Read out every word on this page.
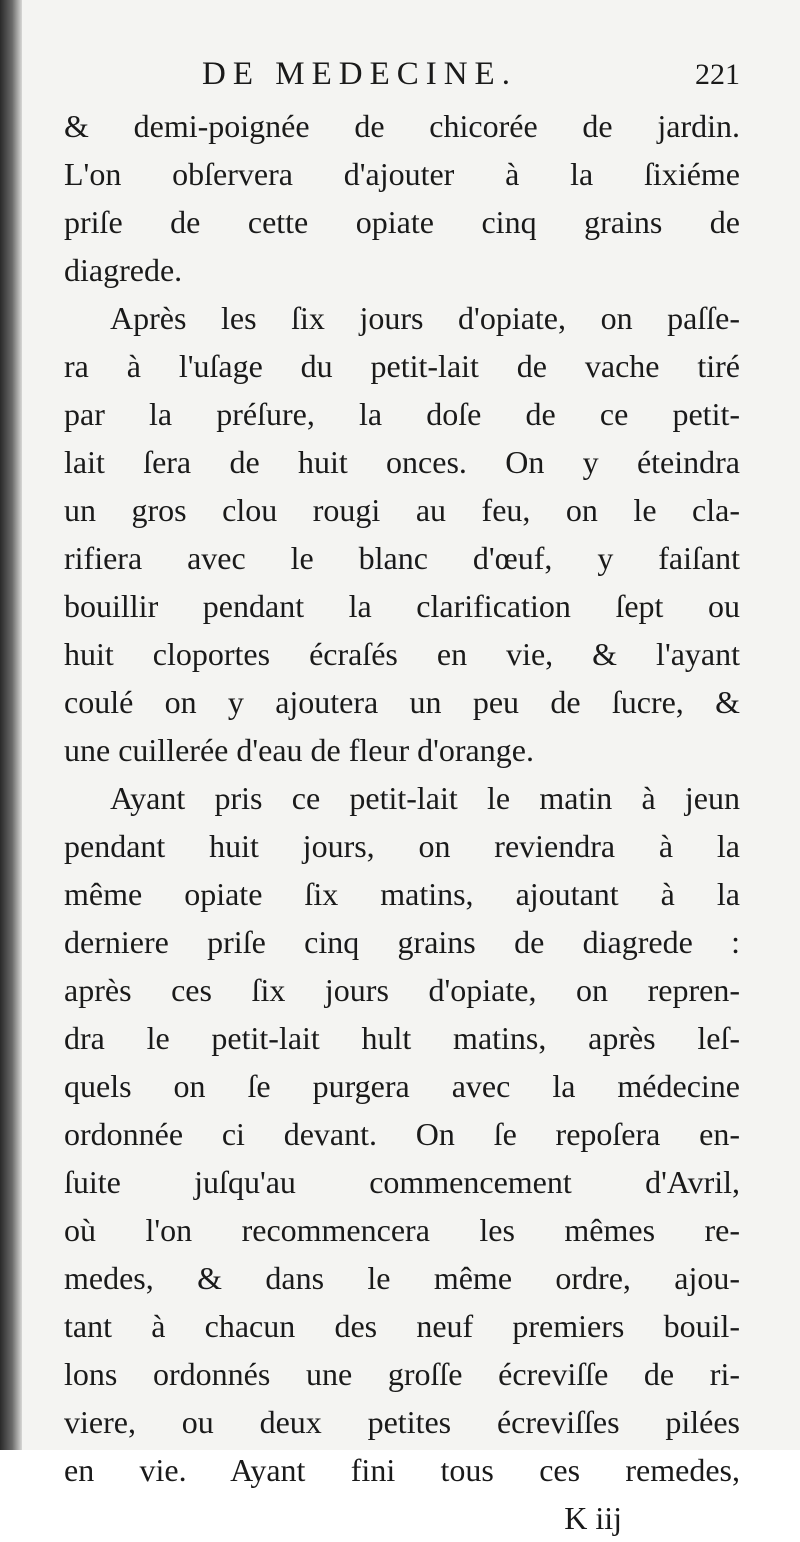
DE MEDECINE.	221
& demi-poignée de chicorée de jardin.
L'on obſervera d'ajouter à la ſixiéme
priſe de cette opiate cinq grains de
diagrede.
Après les ſix jours d'opiate, on paſſe-
ra à l'uſage du petit-lait de vache tiré
par la préſure, la doſe de ce petit-
lait ſera de huit onces. On y éteindra
un gros clou rougi au feu, on le cla-
rifiera avec le blanc d'œuf, y faiſant
bouillir pendant la clarification ſept ou
huit cloportes écraſés en vie, & l'ayant
coulé on y ajoutera un peu de ſucre, &
une cuillerée d'eau de fleur d'orange.
Ayant pris ce petit-lait le matin à jeun
pendant huit jours, on reviendra à la
même opiate ſix matins, ajoutant à la
derniere priſe cinq grains de diagrede :
après ces ſix jours d'opiate, on repren-
dra le petit-lait hult matins, après leſ-
quels on ſe purgera avec la médecine
ordonnée ci devant. On ſe repoſera en-
ſuite juſqu'au commencement d'Avril,
où l'on recommencera les mêmes re-
medes, & dans le même ordre, ajou-
tant à chacun des neuf premiers bouil-
lons ordonnés une groſſe écreviſſe de ri-
viere, ou deux petites écreviſſes pilées
en vie. Ayant fini tous ces remedes,
K iij
